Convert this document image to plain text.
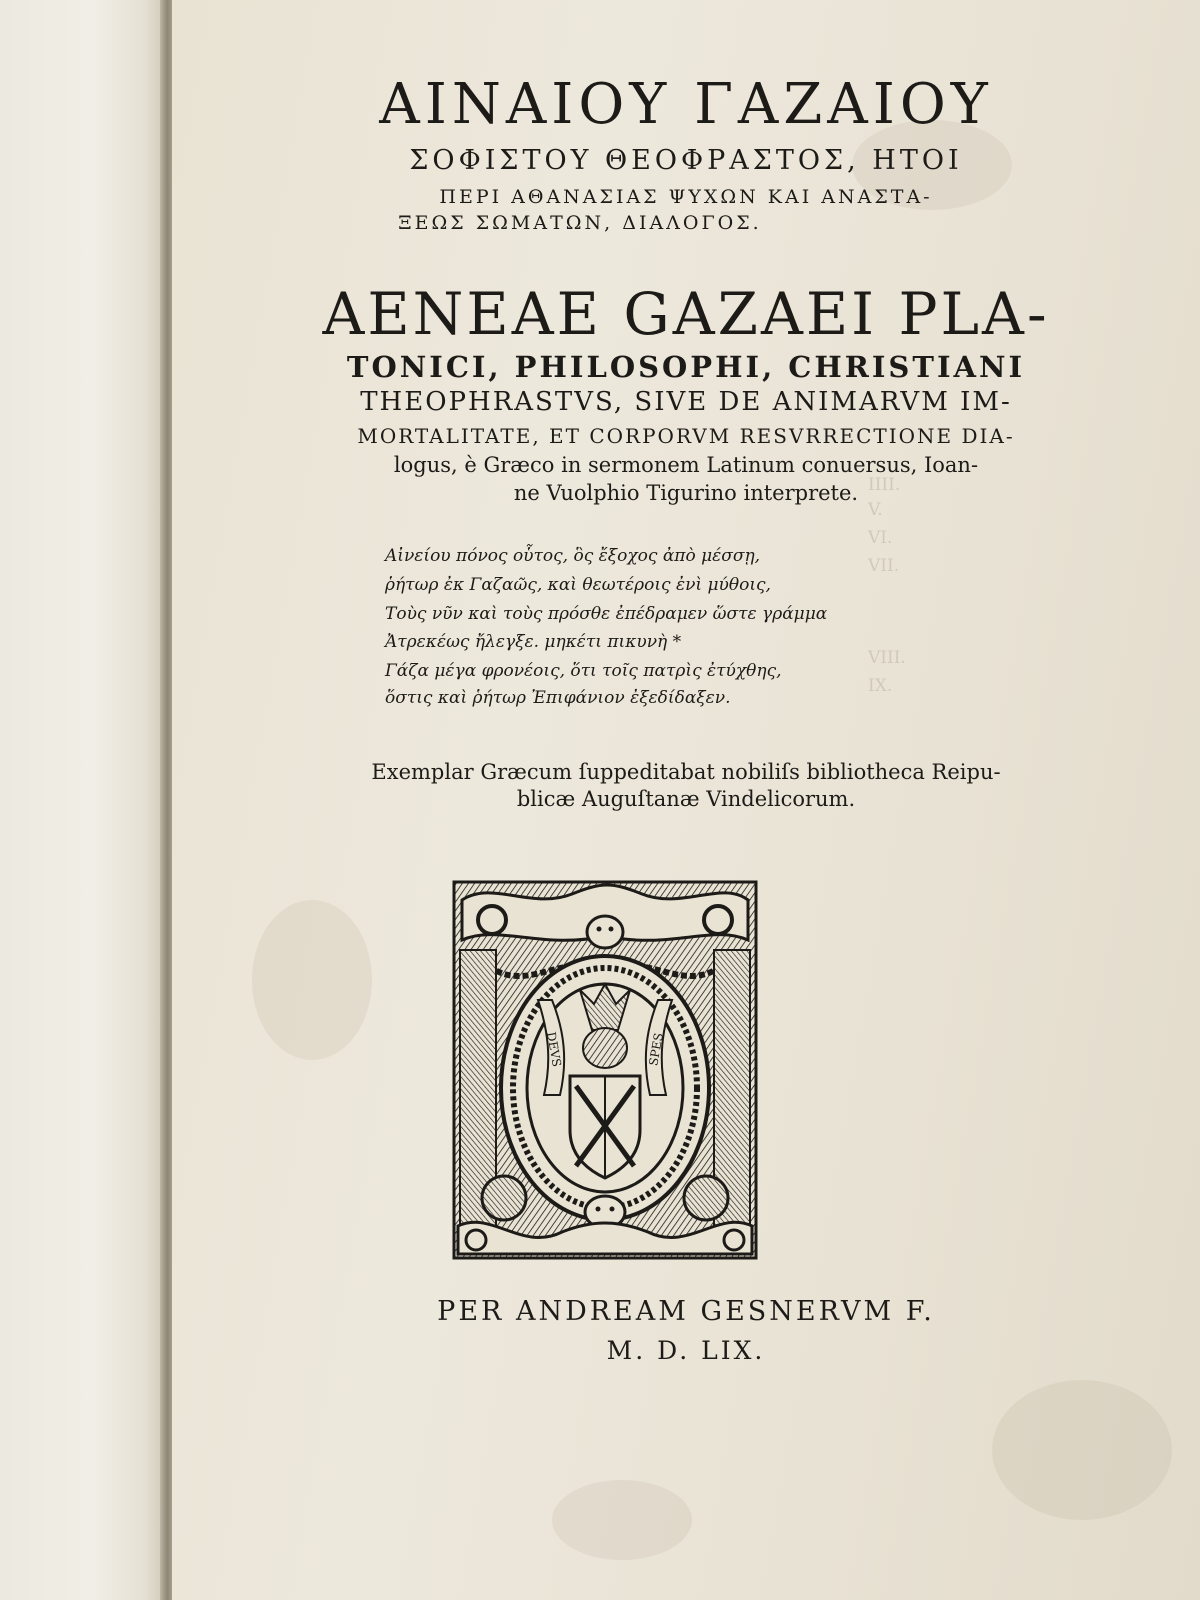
IIII.
V.
VI.
VII.
VIII.
IX.
ΑΙΝΑΙΟΥ ΓΑΖΑΙΟΥ
ΣΟΦΙΣΤΟΥ ΘΕΟΦΡΑΣΤΟΣ, ΗΤΟΙ
ΠΕΡΙ ΑΘΑΝΑΣΙΑΣ ΨΥΧΩΝ ΚΑΙ ΑΝΑΣΤΑ-
ΞΕΩΣ ΣΩΜΑΤΩΝ, ΔΙΑΛΟΓΟΣ.
AENEAE GAZAEI PLA-
TONICI, PHILOSOPHI, CHRISTIANI
THEOPHRASTVS, SIVE DE ANIMARVM IM-
MORTALITATE, ET CORPORVM RESVRRECTIONE DIA-
logus, è Græco in sermonem Latinum conuersus, Ioan-
ne Vuolphio Tigurino interprete.
Αἰνείου πόνος οὗτος, ὃς ἔξοχος ἀπὸ μέσσῃ,
ῥήτωρ ἐκ Γαζαῶς, καὶ θεωτέροις ἐνὶ μύθοις,
Τοὺς νῦν καὶ τοὺς πρόσθε ἐπέδραμεν ὥστε γράμμα
Ἀτρεκέως ἤλεγξε. μηκέτι πικυνὴ *
Γάζα μέγα φρονέοις, ὅτι τοῖς πατρὶς ἐτύχθης,
ὅστις καὶ ῥήτωρ Ἐπιφάνιον ἐξεδίδαξεν.
Exemplar Græcum ſuppeditabat nobiliſs bibliotheca Reipu-
blicæ Auguſtanæ Vindelicorum.
DEVS	SPES
PER ANDREAM GESNERVM F.
M. D. LIX.
